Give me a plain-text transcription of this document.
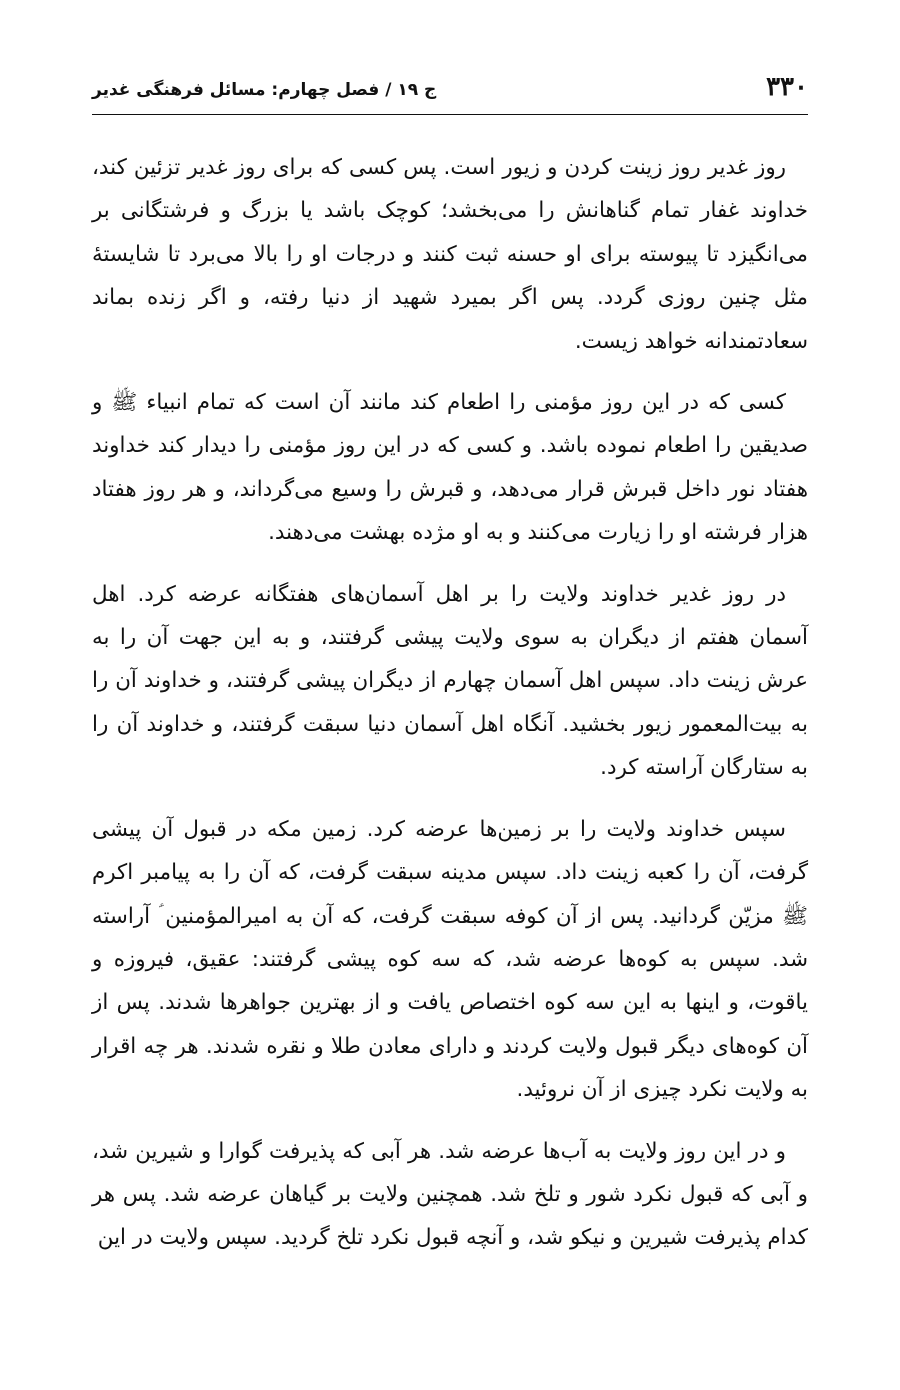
۳۳۰
ج ۱۹ / فصل چهارم: مسائل فرهنگی غدیر

روز غدیر روز زینت کردن و زیور است. پس کسی که برای روز غدیر تزئین کند، خداوند غفار تمام گناهانش را می‌بخشد؛ کوچک باشد یا بزرگ و فرشتگانی بر می‌انگیزد تا پیوسته برای او حسنه ثبت کنند و درجات او را بالا می‌برد تا شایستهٔ مثل چنین روزی گردد. پس اگر بمیرد شهید از دنیا رفته، و اگر زنده بماند سعادتمندانه خواهد زیست.

کسی که در این روز مؤمنی را اطعام کند مانند آن است که تمام انبیاء ﷺ و صدیقین را اطعام نموده باشد. و کسی که در این روز مؤمنی را دیدار کند خداوند هفتاد نور داخل قبرش قرار می‌دهد، و قبرش را وسیع می‌گرداند، و هر روز هفتاد هزار فرشته او را زیارت می‌کنند و به او مژده بهشت می‌دهند.

در روز غدیر خداوند ولایت را بر اهل آسمان‌های هفتگانه عرضه کرد. اهل آسمان هفتم از دیگران به سوی ولایت پیشی گرفتند، و به این جهت آن را به عرش زینت داد. سپس اهل آسمان چهارم از دیگران پیشی گرفتند، و خداوند آن را به بیت‌المعمور زیور بخشید. آنگاه اهل آسمان دنیا سبقت گرفتند، و خداوند آن را به ستارگان آراسته کرد.

سپس خداوند ولایت را بر زمین‌ها عرضه کرد. زمین مکه در قبول آن پیشی گرفت، آن را کعبه زینت داد. سپس مدینه سبقت گرفت، که آن را به پیامبر اکرم ﷺ مزیّن گردانید. پس از آن کوفه سبقت گرفت، که آن به امیرالمؤمنین ؑ آراسته شد. سپس به کوه‌ها عرضه شد، که سه کوه پیشی گرفتند: عقیق، فیروزه و یاقوت، و اینها به این سه کوه اختصاص یافت و از بهترین جواهرها شدند. پس از آن کوه‌های دیگر قبول ولایت کردند و دارای معادن طلا و نقره شدند. هر چه اقرار به ولایت نکرد چیزی از آن نروئید.

و در این روز ولایت به آب‌ها عرضه شد. هر آبی که پذیرفت گوارا و شیرین شد، و آبی که قبول نکرد شور و تلخ شد. همچنین ولایت بر گیاهان عرضه شد. پس هر کدام پذیرفت شیرین و نیکو شد، و آنچه قبول نکرد تلخ گردید. سپس ولایت در این
